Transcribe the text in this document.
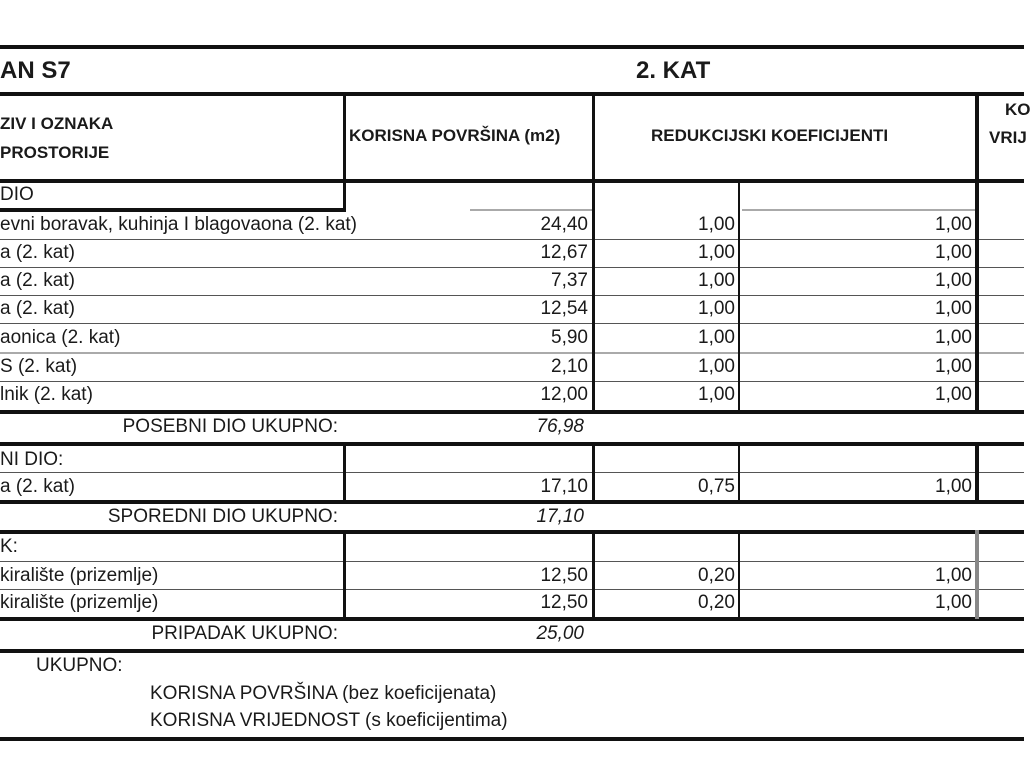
AN S7	2. KAT
ZIV I OZNAKA
PROSTORIJE
KORISNA POVRŠINA (m2)	REDUKCIJSKI KOEFICIJENTI
KO
VRIJ
DIO
evni boravak, kuhinja I blagovaona (2. kat)	24,40	1,00	1,00
a (2. kat)	12,67	1,00	1,00
a (2. kat)	7,37	1,00	1,00
a (2. kat)	12,54	1,00	1,00
aonica (2. kat)	5,90	1,00	1,00
S (2. kat)	2,10	1,00	1,00
lnik (2. kat)	12,00	1,00	1,00
POSEBNI DIO UKUPNO:	76,98
NI DIO:
a (2. kat)	17,10	0,75	1,00
SPOREDNI DIO UKUPNO:	17,10
K:
kiralište (prizemlje)	12,50	0,20	1,00
kiralište (prizemlje)	12,50	0,20	1,00
PRIPADAK UKUPNO:	25,00
UKUPNO:
KORISNA POVRŠINA (bez koeficijenata)
KORISNA VRIJEDNOST (s koeficijentima)
